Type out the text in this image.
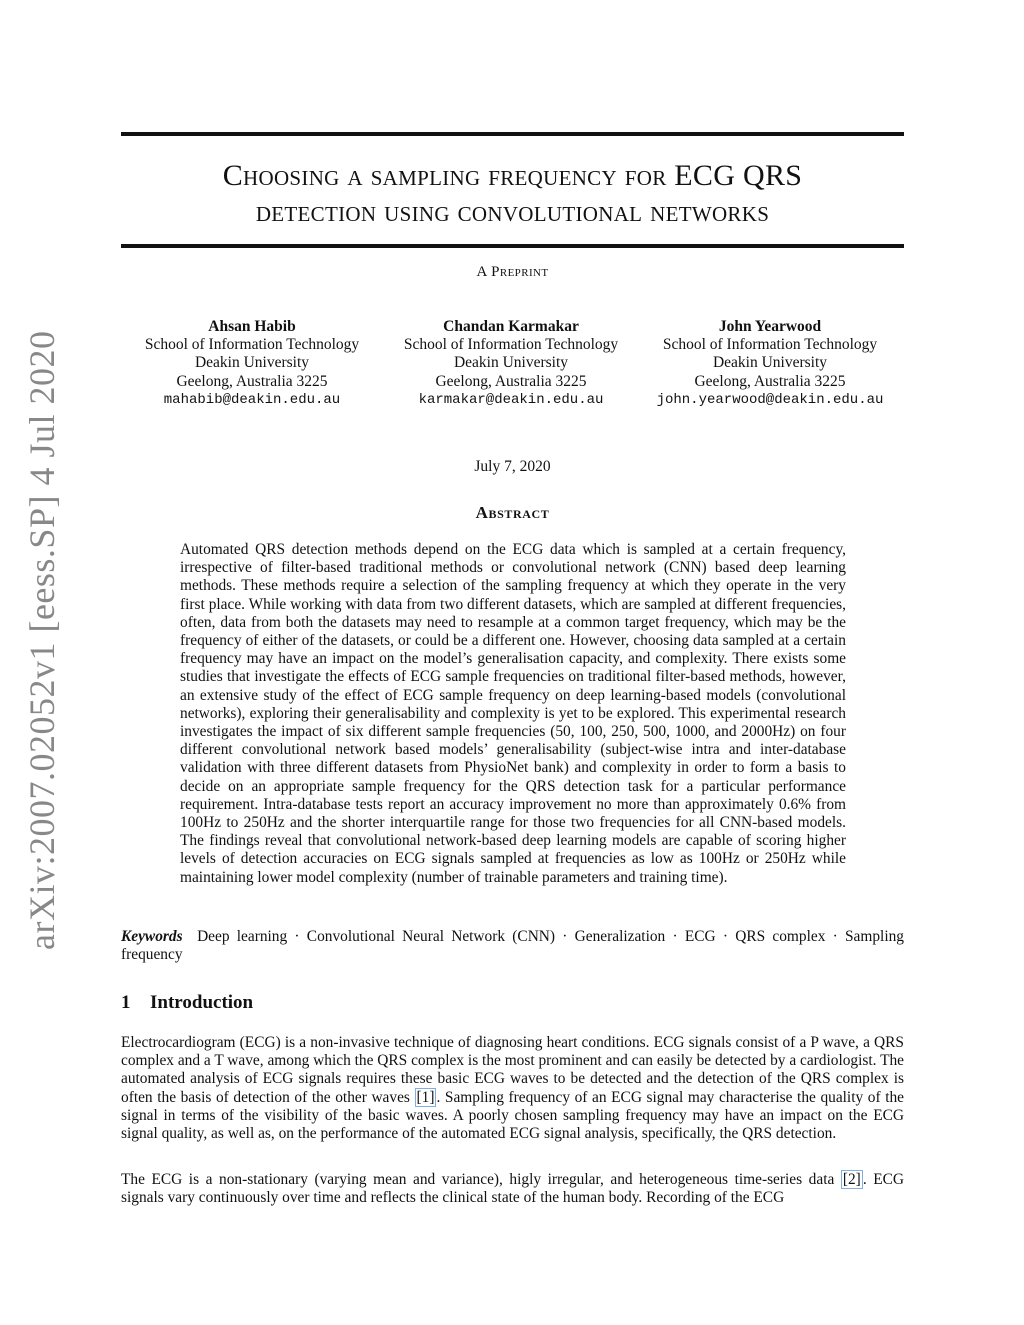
arXiv:2007.02052v1 [eess.SP] 4 Jul 2020
Choosing a sampling frequency for ECG QRS
detection using convolutional networks
A Preprint
Ahsan Habib
School of Information Technology
Deakin University
Geelong, Australia 3225
mahabib@deakin.edu.au
Chandan Karmakar
School of Information Technology
Deakin University
Geelong, Australia 3225
karmakar@deakin.edu.au
John Yearwood
School of Information Technology
Deakin University
Geelong, Australia 3225
john.yearwood@deakin.edu.au
July 7, 2020
Abstract
Automated QRS detection methods depend on the ECG data which is sampled at a certain frequency, irrespective of filter-based traditional methods or convolutional network (CNN) based deep learning methods. These methods require a selection of the sampling frequency at which they operate in the very first place. While working with data from two different datasets, which are sampled at different frequencies, often, data from both the datasets may need to resample at a common target frequency, which may be the frequency of either of the datasets, or could be a different one. However, choosing data sampled at a certain frequency may have an impact on the model’s generalisation capacity, and complexity. There exists some studies that investigate the effects of ECG sample frequencies on traditional filter-based methods, however, an extensive study of the effect of ECG sample frequency on deep learning-based models (convolutional networks), exploring their generalisability and complexity is yet to be explored. This experimental research investigates the impact of six different sample frequencies (50, 100, 250, 500, 1000, and 2000Hz) on four different convolutional network based models’ generalisability (subject-wise intra and inter-database validation with three different datasets from PhysioNet bank) and complexity in order to form a basis to decide on an appropriate sample frequency for the QRS detection task for a particular performance requirement. Intra-database tests report an accuracy improvement no more than approximately 0.6% from 100Hz to 250Hz and the shorter interquartile range for those two frequencies for all CNN-based models. The findings reveal that convolutional network-based deep learning models are capable of scoring higher levels of detection accuracies on ECG signals sampled at frequencies as low as 100Hz or 250Hz while maintaining lower model complexity (number of trainable parameters and training time).
Keywords Deep learning · Convolutional Neural Network (CNN) · Generalization · ECG · QRS complex · Sampling frequency
1 Introduction
Electrocardiogram (ECG) is a non-invasive technique of diagnosing heart conditions. ECG signals consist of a P wave, a QRS complex and a T wave, among which the QRS complex is the most prominent and can easily be detected by a cardiologist. The automated analysis of ECG signals requires these basic ECG waves to be detected and the detection of the QRS complex is often the basis of detection of the other waves [1] . Sampling frequency of an ECG signal may characterise the quality of the signal in terms of the visibility of the basic waves. A poorly chosen sampling frequency may have an impact on the ECG signal quality, as well as, on the performance of the automated ECG signal analysis, specifically, the QRS detection.
The ECG is a non-stationary (varying mean and variance), higly irregular, and heterogeneous time-series data [2] . ECG signals vary continuously over time and reflects the clinical state of the human body. Recording of the ECG
